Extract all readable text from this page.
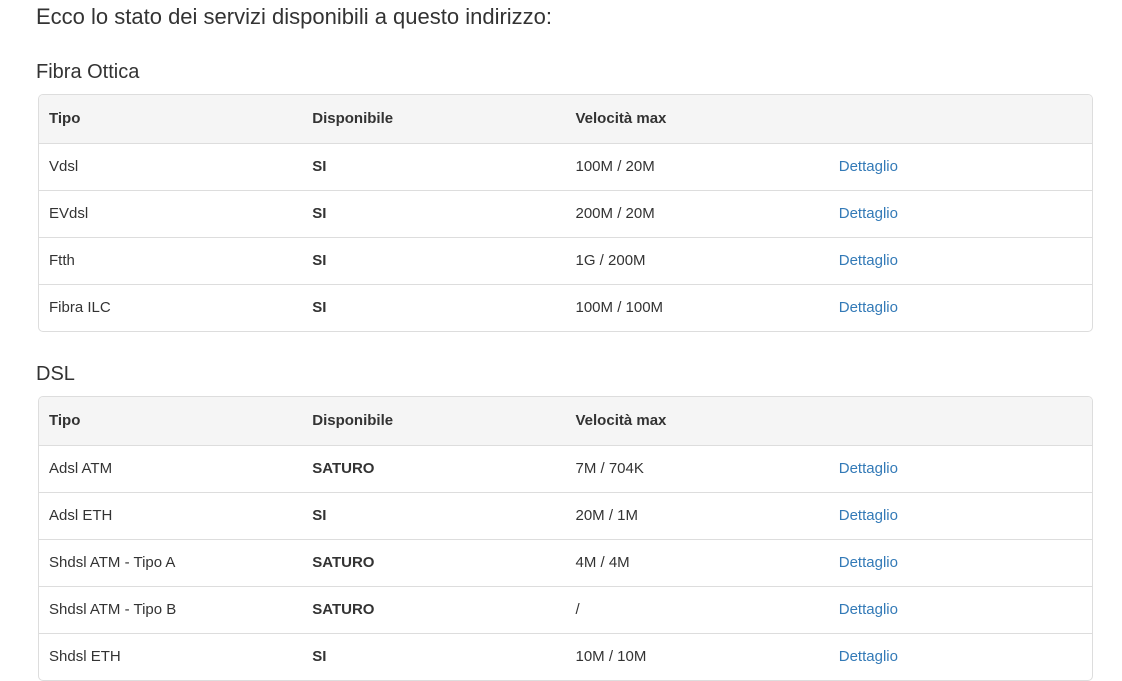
Ecco lo stato dei servizi disponibili a questo indirizzo:
Fibra Ottica
Tipo	Disponibile	Velocità max	
Vdsl	SI	100M / 20M	Dettaglio
EVdsl	SI	200M / 20M	Dettaglio
Ftth	SI	1G / 200M	Dettaglio
Fibra ILC	SI	100M / 100M	Dettaglio
DSL
Tipo	Disponibile	Velocità max	
Adsl ATM	SATURO	7M / 704K	Dettaglio
Adsl ETH	SI	20M / 1M	Dettaglio
Shdsl ATM - Tipo A	SATURO	4M / 4M	Dettaglio
Shdsl ATM - Tipo B	SATURO	/	Dettaglio
Shdsl ETH	SI	10M / 10M	Dettaglio
